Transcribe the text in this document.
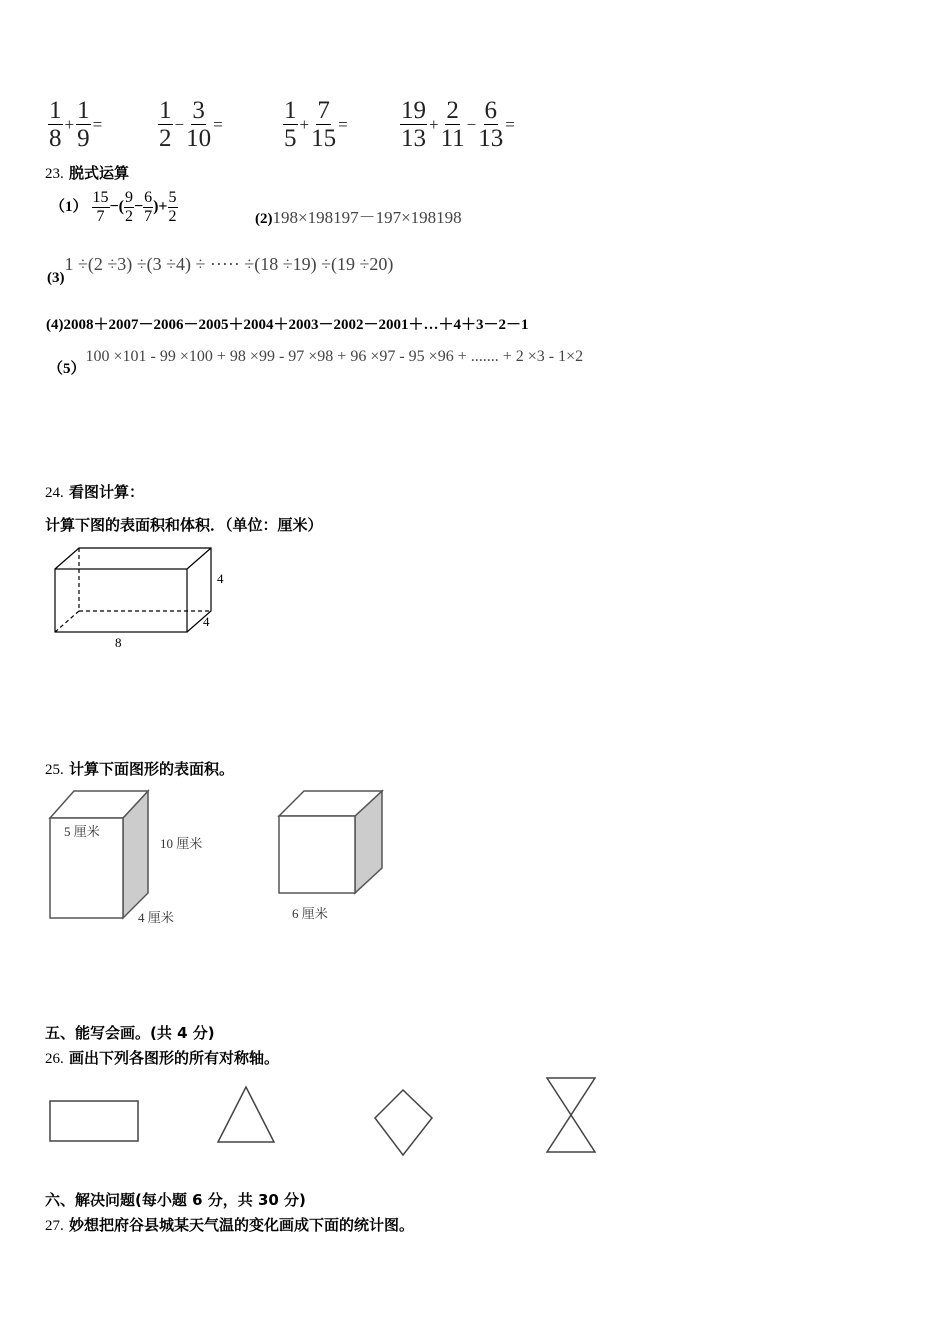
$\frac{1}{8} + \frac{1}{9} = \frac{1}{2} - \frac{3}{10} = \frac{1}{5} + \frac{7}{15} = \frac{19}{13} + \frac{2}{11} - \frac{6}{13}$ =
23. 脱式运算
$(1) \frac{15}{7}$ −( $\frac{9}{2} - \frac{6}{7}$ )+ $\frac{5}{2}$	(2)198×198197－197×198198
(3)1 ÷(2 ÷3) ÷(3 ÷4) ÷ ····· ÷(18 ÷19) ÷(19 ÷20)
(4)2008＋2007－2006－2005＋2004＋2003－2002－2001＋…＋4＋3－2－1
（5）100 ×101 - 99 ×100 + 98 ×99 - 97 ×98 + 96 ×97 - 95 ×96 + ....... + 2 ×3 - 1×2
24. 看图计算：
计算下图的表面积和体积．（单位：厘米）
4
4
8
25. 计算下面图形的表面积。
5 厘米
10 厘米
4 厘米	6 厘米
五、能写会画。(共 4 分)
26. 画出下列各图形的所有对称轴。
六、解决问题(每小题 6 分，共 30 分)
27. 妙想把府谷县城某天气温的变化画成下面的统计图。
